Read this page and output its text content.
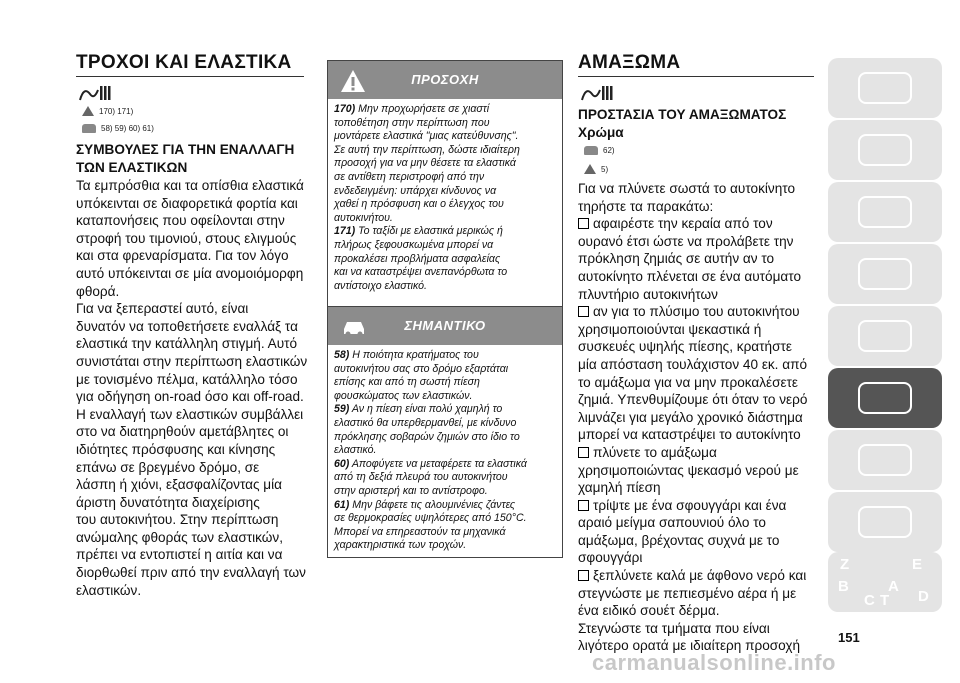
ΤΡΟΧΟΙ ΚΑΙ ΕΛΑΣΤΙΚΑ
170) 171)
58) 59) 60) 61)
ΣΥΜΒΟΥΛΕΣ ΓΙΑ ΤΗΝ ΕΝΑΛΛΑΓΗ
ΤΩΝ ΕΛΑΣΤΙΚΩΝ
Τα εμπρόσθια και τα οπίσθια ελαστικά
υπόκεινται σε διαφορετικά φορτία και
καταπονήσεις που οφείλονται στην
στροφή του τιμονιού, στους ελιγμούς
και στα φρεναρίσματα. Για τον λόγο
αυτό υπόκεινται σε μία ανομοιόμορφη
φθορά.
Για να ξεπεραστεί αυτό, είναι
δυνατόν να τοποθετήσετε εναλλάξ τα
ελαστικά την κατάλληλη στιγμή. Αυτό
συνιστάται στην περίπτωση ελαστικών
με τονισμένο πέλμα, κατάλληλο τόσο
για οδήγηση on-road όσο και off-road.
Η εναλλαγή των ελαστικών συμβάλλει
στο να διατηρηθούν αμετάβλητες οι
ιδιότητες πρόσφυσης και κίνησης
επάνω σε βρεγμένο δρόμο, σε
λάσπη ή χιόνι, εξασφαλίζοντας μία
άριστη δυνατότητα διαχείρισης
του αυτοκινήτου. Στην περίπτωση
ανώμαλης φθοράς των ελαστικών,
πρέπει να εντοπιστεί η αιτία και να
διορθωθεί πριν από την εναλλαγή των
ελαστικών.
ΠΡΟΣΟΧΗ

170) Μην προχωρήσετε σε χιαστί

τοποθέτηση στην περίπτωση που

μοντάρετε ελαστικά "μιας κατεύθυνσης".

Σε αυτή την περίπτωση, δώστε ιδιαίτερη

προσοχή για να μην θέσετε τα ελαστικά

σε αντίθετη περιστροφή από την

ενδεδειγμένη: υπάρχει κίνδυνος να

χαθεί η πρόσφυση και ο έλεγχος του

αυτοκινήτου.

171) Το ταξίδι με ελαστικά μερικώς ή

πλήρως ξεφουσκωμένα μπορεί να

προκαλέσει προβλήματα ασφαλείας

και να καταστρέψει ανεπανόρθωτα το

αντίστοιχο ελαστικό.

ΣΗΜΑΝΤΙΚΟ

58) Η ποιότητα κρατήματος του

αυτοκινήτου σας στο δρόμο εξαρτάται

επίσης και από τη σωστή πίεση

φουσκώματος των ελαστικών.

59) Αν η πίεση είναι πολύ χαμηλή το

ελαστικό θα υπερθερμανθεί, με κίνδυνο

πρόκλησης σοβαρών ζημιών στο ίδιο το

ελαστικό.

60) Αποφύγετε να μεταφέρετε τα ελαστικά

από τη δεξιά πλευρά του αυτοκινήτου

στην αριστερή και το αντίστροφο.

61) Μην βάφετε τις αλουμινένιες ζάντες

σε θερμοκρασίες υψηλότερες από 150°C.

Μπορεί να επηρεαστούν τα μηχανικά

χαρακτηριστικά των τροχών.

ΑΜΑΞΩΜΑ
ΠΡΟΣΤΑΣΙΑ ΤΟΥ ΑΜΑΞΩΜΑΤΟΣ
Χρώμα
62)
5)
Για να πλύνετε σωστά το αυτοκίνητο
τηρήστε τα παρακάτω:
αφαιρέστε την κεραία από τον
ουρανό έτσι ώστε να προλάβετε την
πρόκληση ζημιάς σε αυτήν αν το
αυτοκίνητο πλένεται σε ένα αυτόματο
πλυντήριο αυτοκινήτων
αν για το πλύσιμο του αυτοκινήτου
χρησιμοποιούνται ψεκαστικά ή
συσκευές υψηλής πίεσης, κρατήστε
μία απόσταση τουλάχιστον 40 εκ. από
το αμάξωμα για να μην προκαλέσετε
ζημιά. Υπενθυμίζουμε ότι όταν το νερό
λιμνάζει για μεγάλο χρονικό διάστημα
μπορεί να καταστρέψει το αυτοκίνητο
πλύνετε το αμάξωμα
χρησιμοποιώντας ψεκασμό νερού με
χαμηλή πίεση
τρίψτε με ένα σφουγγάρι και ένα
αραιό μείγμα σαπουνιού όλο το
αμάξωμα, βρέχοντας συχνά με το
σφουγγάρι
ξεπλύνετε καλά με άφθονο νερό και
στεγνώστε με πεπιεσμένο αέρα ή με
ένα ειδικό σουέτ δέρμα.
Στεγνώστε τα τμήματα που είναι
λιγότερο ορατά με ιδιαίτερη προσοχή
Z	E
B	A
C T D
151
carmanualsonline.info
